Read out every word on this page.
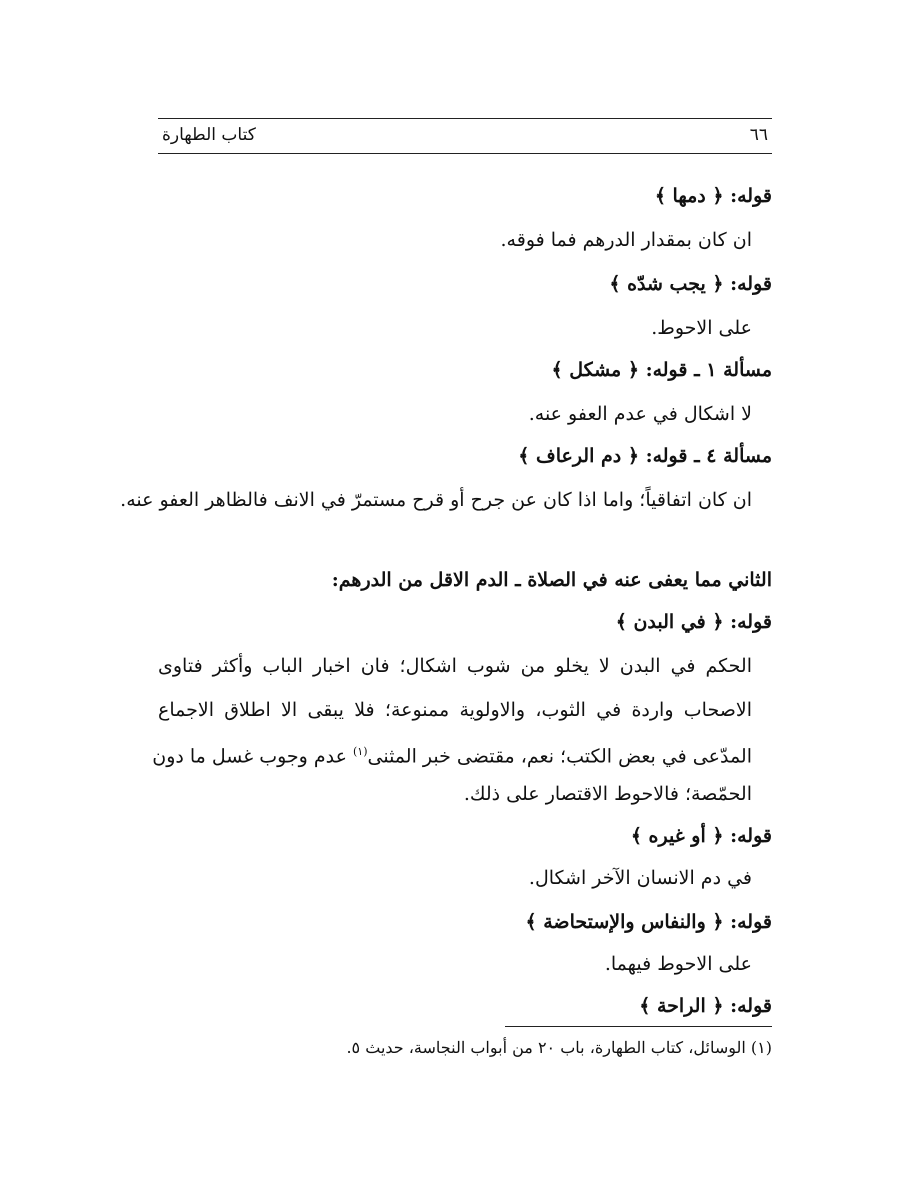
كتاب الطهارة	٦٦
قوله: ﴿ دمها ﴾
ان كان بمقدار الدرهم فما فوقه.
قوله: ﴿ يجب شدّه ﴾
على الاحوط.
مسألة ١ ـ قوله: ﴿ مشكل ﴾
لا اشكال في عدم العفو عنه.
مسألة ٤ ـ قوله: ﴿ دم الرعاف ﴾
ان كان اتفاقياً؛ واما اذا كان عن جرح أو قرح مستمرّ في الانف فالظاهر العفو عنه.
الثاني مما يعفى عنه في الصلاة ـ الدم الاقل من الدرهم:
قوله: ﴿ في البدن ﴾
الحكم في البدن لا يخلو من شوب اشكال؛ فان اخبار الباب وأكثر فتاوى
الاصحاب واردة في الثوب، والاولوية ممنوعة؛ فلا يبقى الا اطلاق الاجماع
المدّعى في بعض الكتب؛ نعم، مقتضى خبر المثنى$^{(١)}$ عدم وجوب غسل ما دون
الحمّصة؛ فالاحوط الاقتصار على ذلك.
قوله: ﴿ أو غيره ﴾
في دم الانسان الآخر اشكال.
قوله: ﴿ والنفاس والإستحاضة ﴾
على الاحوط فيهما.
قوله: ﴿ الراحة ﴾
(١) الوسائل، كتاب الطهارة، باب ٢٠ من أبواب النجاسة، حديث ٥.
